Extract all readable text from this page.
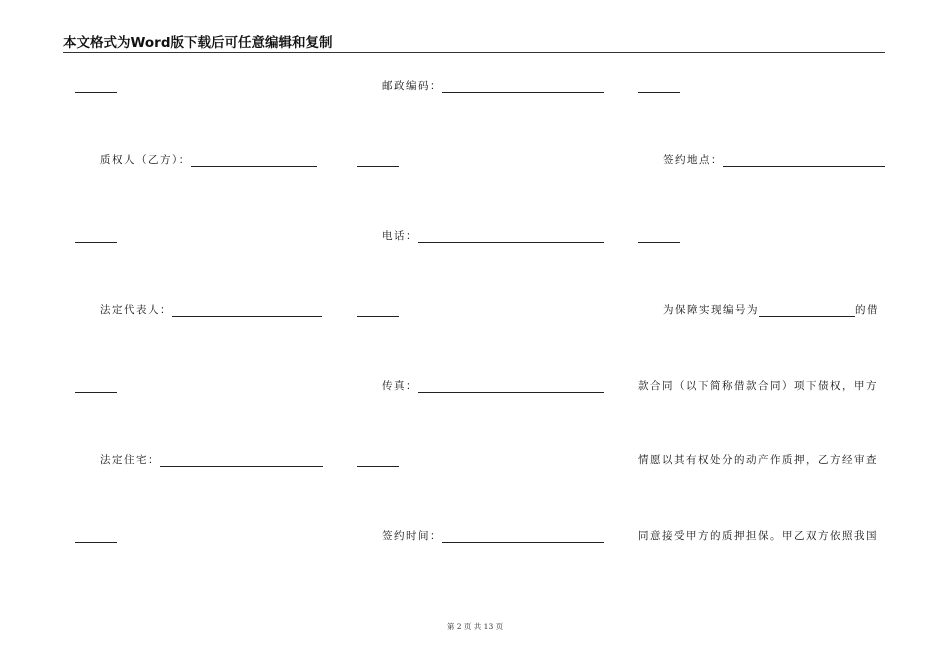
本文格式为Word版下载后可任意编辑和复制
质权人（乙方）：
法定代表人：
法定住宅：
邮政编码：
电话：
传真：
签约时间：
签约地点：
为保障实现编号为	的借
款合同（以下简称借款合同）项下债权，甲方
情愿以其有权处分的动产作质押，乙方经审查
同意接受甲方的质押担保。甲乙双方依照我国
第 2 页 共 13 页
